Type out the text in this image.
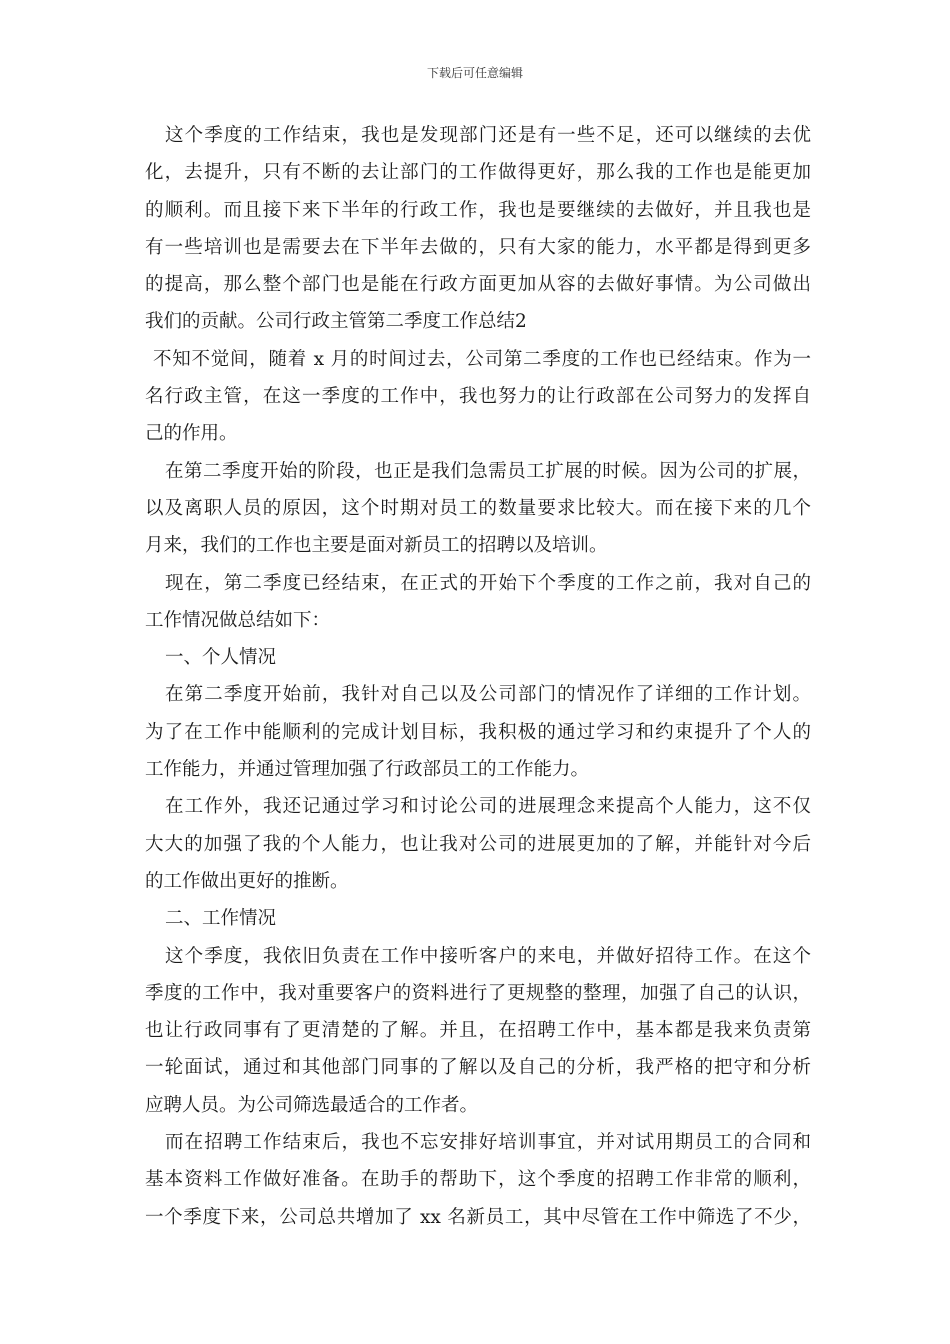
下载后可任意编辑
这个季度的工作结束，我也是发现部门还是有一些不足，还可以继续的去优
化，去提升，只有不断的去让部门的工作做得更好，那么我的工作也是能更加
的顺利。而且接下来下半年的行政工作，我也是要继续的去做好，并且我也是
有一些培训也是需要去在下半年去做的，只有大家的能力，水平都是得到更多
的提高，那么整个部门也是能在行政方面更加从容的去做好事情。为公司做出
我们的贡献。公司行政主管第二季度工作总结2
不知不觉间，随着 x 月的时间过去，公司第二季度的工作也已经结束。作为一
名行政主管，在这一季度的工作中，我也努力的让行政部在公司努力的发挥自
己的作用。
在第二季度开始的阶段，也正是我们急需员工扩展的时候。因为公司的扩展，
以及离职人员的原因，这个时期对员工的数量要求比较大。而在接下来的几个
月来，我们的工作也主要是面对新员工的招聘以及培训。
现在，第二季度已经结束，在正式的开始下个季度的工作之前，我对自己的
工作情况做总结如下：
一、个人情况
在第二季度开始前，我针对自己以及公司部门的情况作了详细的工作计划。
为了在工作中能顺利的完成计划目标，我积极的通过学习和约束提升了个人的
工作能力，并通过管理加强了行政部员工的工作能力。
在工作外，我还记通过学习和讨论公司的进展理念来提高个人能力，这不仅
大大的加强了我的个人能力，也让我对公司的进展更加的了解，并能针对今后
的工作做出更好的推断。
二、工作情况
这个季度，我依旧负责在工作中接听客户的来电，并做好招待工作。在这个
季度的工作中，我对重要客户的资料进行了更规整的整理，加强了自己的认识，
也让行政同事有了更清楚的了解。并且，在招聘工作中，基本都是我来负责第
一轮面试，通过和其他部门同事的了解以及自己的分析，我严格的把守和分析
应聘人员。为公司筛选最适合的工作者。
而在招聘工作结束后，我也不忘安排好培训事宜，并对试用期员工的合同和
基本资料工作做好准备。在助手的帮助下，这个季度的招聘工作非常的顺利，
一个季度下来，公司总共增加了 xx 名新员工，其中尽管在工作中筛选了不少，
